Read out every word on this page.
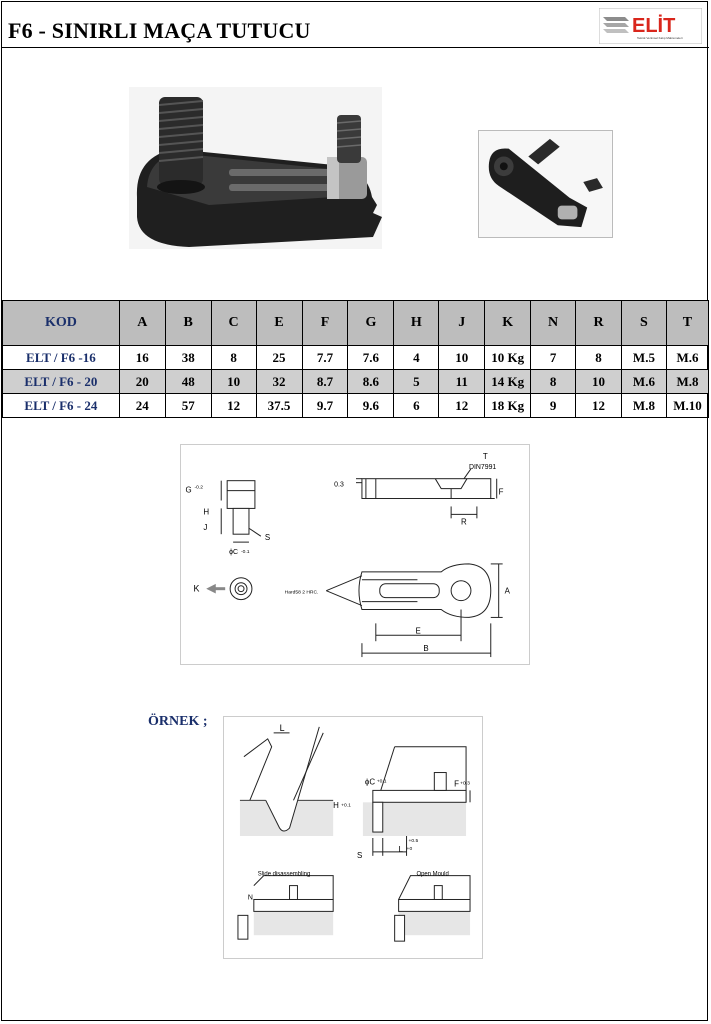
F6 - SINIRLI MAÇA TUTUCU	ELİT
Teknik Verimsel Kalıp Malzemeleri
KOD	A	B	C	E	F	G	H	J	K	N	R	S	T
ELT / F6 -16	16	38	8	25	7.7	7.6	4	10	10 Kg	7	8	M.5	M.6
ELT / F6 - 20	20	48	10	32	8.7	8.6	5	11	14 Kg	8	10	M.6	M.8
ELT / F6 - 24	24	57	12	37.5	9.7	9.6	6	12	18 Kg	9	12	M.8	M.10
G -0.2
H
J
S
ϕC -0.1
K
0.3
T
DIN7991
F
R
Hard58 2 HRC.	A
E
B
ÖRNEK ;	L
ϕC +0.1	F +0.3
H +0.1
S
L
+0.5
+0
Slide disassembling	Open Mould
N
